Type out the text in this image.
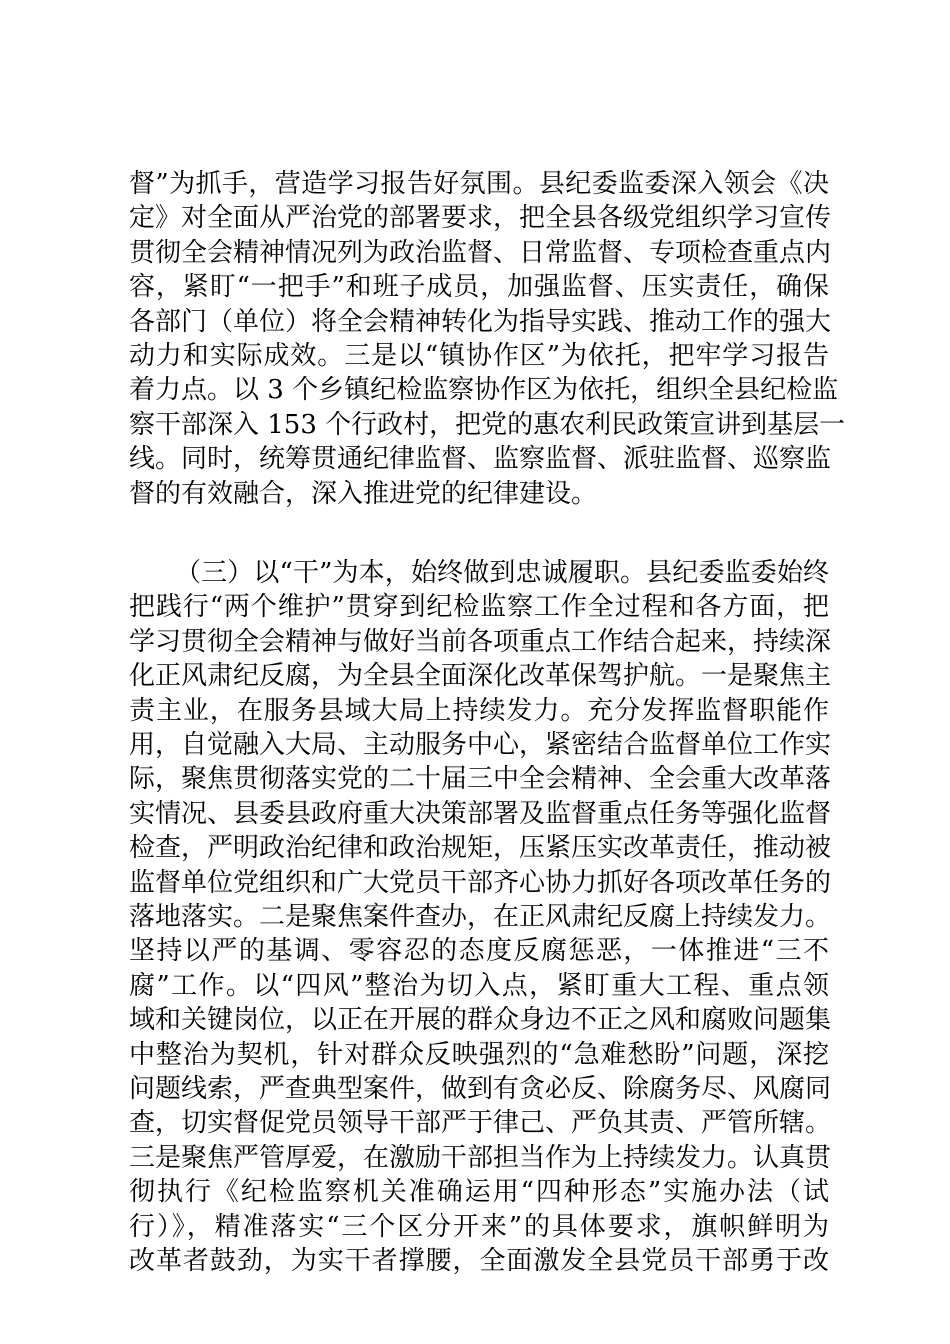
督”为抓手，营造学习报告好氛围。县纪委监委深入领会《决
定》对全面从严治党的部署要求，把全县各级党组织学习宣传
贯彻全会精神情况列为政治监督、日常监督、专项检查重点内
容，紧盯“一把手”和班子成员，加强监督、压实责任，确保
各部门（单位）将全会精神转化为指导实践、推动工作的强大
动力和实际成效。三是以“镇协作区”为依托，把牢学习报告
着力点。以 3 个乡镇纪检监察协作区为依托，组织全县纪检监
察干部深入 153 个行政村，把党的惠农利民政策宣讲到基层一
线。同时，统筹贯通纪律监督、监察监督、派驻监督、巡察监
督的有效融合，深入推进党的纪律建设。
（三）以“干”为本，始终做到忠诚履职。县纪委监委始终
把践行“两个维护”贯穿到纪检监察工作全过程和各方面，把
学习贯彻全会精神与做好当前各项重点工作结合起来，持续深
化正风肃纪反腐，为全县全面深化改革保驾护航。一是聚焦主
责主业，在服务县域大局上持续发力。充分发挥监督职能作
用，自觉融入大局、主动服务中心，紧密结合监督单位工作实
际，聚焦贯彻落实党的二十届三中全会精神、全会重大改革落
实情况、县委县政府重大决策部署及监督重点任务等强化监督
检查，严明政治纪律和政治规矩，压紧压实改革责任，推动被
监督单位党组织和广大党员干部齐心协力抓好各项改革任务的
落地落实。二是聚焦案件查办，在正风肃纪反腐上持续发力。
坚持以严的基调、零容忍的态度反腐惩恶，一体推进“三不
腐”工作。以“四风”整治为切入点，紧盯重大工程、重点领
域和关键岗位，以正在开展的群众身边不正之风和腐败问题集
中整治为契机，针对群众反映强烈的“急难愁盼”问题，深挖
问题线索，严查典型案件，做到有贪必反、除腐务尽、风腐同
查，切实督促党员领导干部严于律己、严负其责、严管所辖。
三是聚焦严管厚爱，在激励干部担当作为上持续发力。认真贯
彻执行《纪检监察机关准确运用“四种形态”实施办法（试
行）》，精准落实“三个区分开来”的具体要求，旗帜鲜明为
改革者鼓劲，为实干者撑腰，全面激发全县党员干部勇于改
